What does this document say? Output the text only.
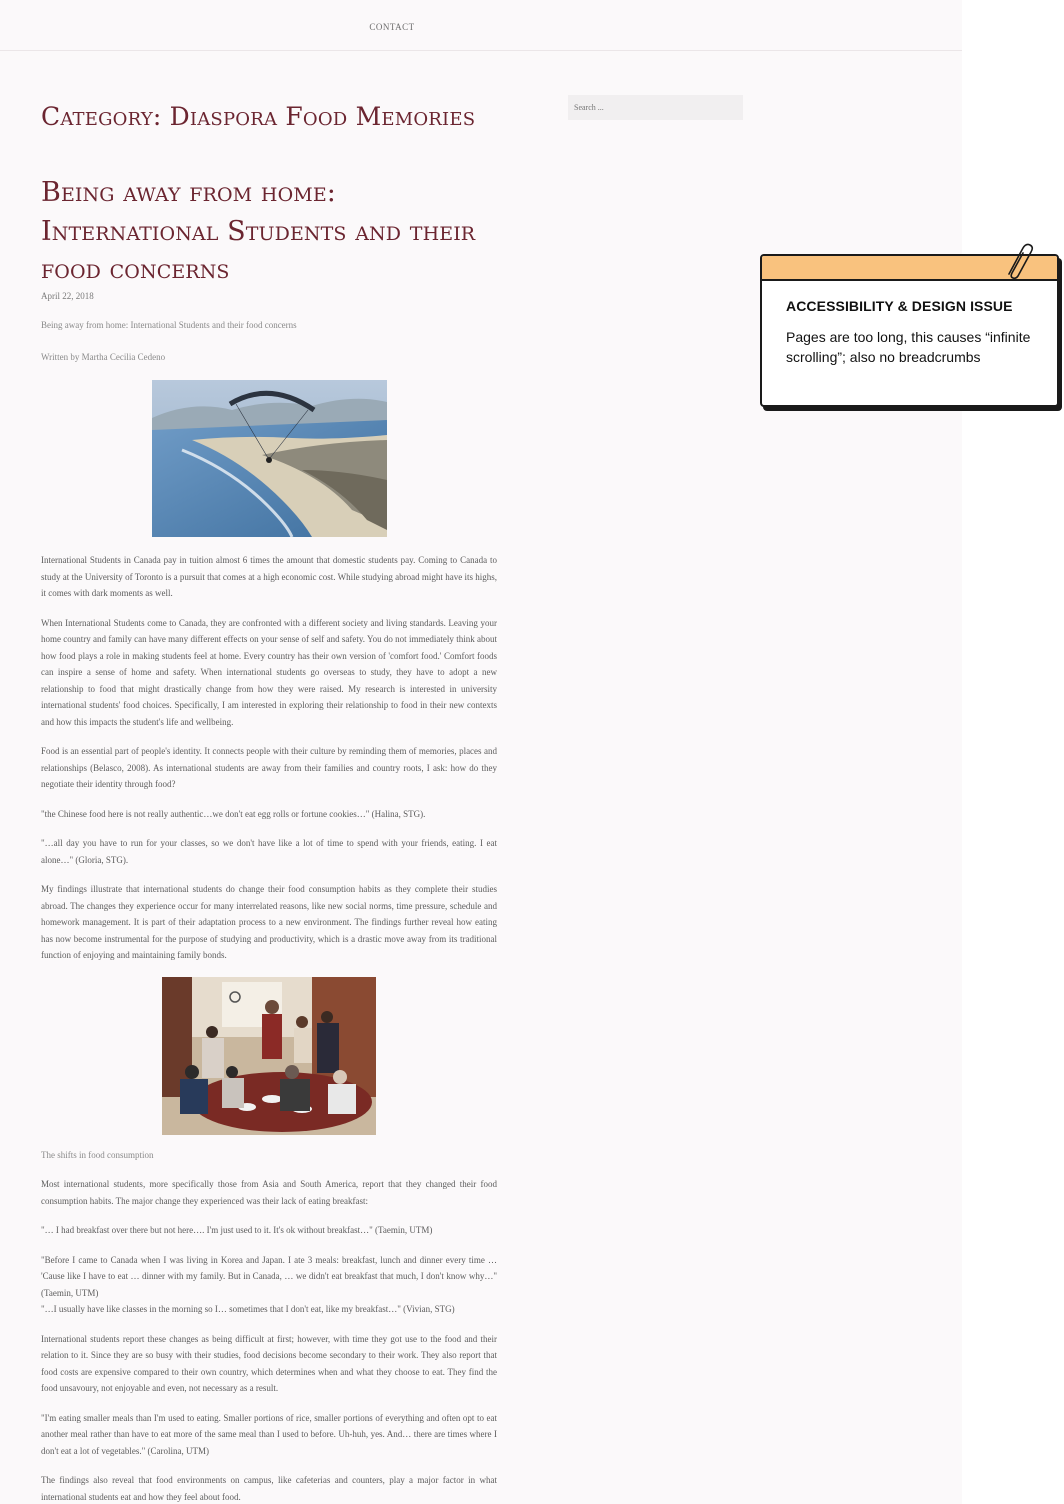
CONTACT
Search ...
Category: Diaspora Food Memories
Being away from home: International Students and their food concerns
April 22, 2018
Being away from home: International Students and their food concerns
Written by Martha Cecilia Cedeno

International Students in Canada pay in tuition almost 6 times the amount that domestic students pay. Coming to Canada to study at the University of Toronto is a pursuit that comes at a high economic cost. While studying abroad might have its highs, it comes with dark moments as well.

When International Students come to Canada, they are confronted with a different society and living standards. Leaving your home country and family can have many different effects on your sense of self and safety. You do not immediately think about how food plays a role in making students feel at home. Every country has their own version of 'comfort food.' Comfort foods can inspire a sense of home and safety. When international students go overseas to study, they have to adopt a new relationship to food that might drastically change from how they were raised. My research is interested in university international students' food choices. Specifically, I am interested in exploring their relationship to food in their new contexts and how this impacts the student's life and wellbeing.

Food is an essential part of people's identity. It connects people with their culture by reminding them of memories, places and relationships (Belasco, 2008). As international students are away from their families and country roots, I ask: how do they negotiate their identity through food?

"the Chinese food here is not really authentic…we don't eat egg rolls or fortune cookies…" (Halina, STG).

"…all day you have to run for your classes, so we don't have like a lot of time to spend with your friends, eating. I eat alone…" (Gloria, STG).

My findings illustrate that international students do change their food consumption habits as they complete their studies abroad. The changes they experience occur for many interrelated reasons, like new social norms, time pressure, schedule and homework management. It is part of their adaptation process to a new environment. The findings further reveal how eating has now become instrumental for the purpose of studying and productivity, which is a drastic move away from its traditional function of enjoying and maintaining family bonds.

The shifts in food consumption

Most international students, more specifically those from Asia and South America, report that they changed their food consumption habits. The major change they experienced was their lack of eating breakfast:

"… I had breakfast over there but not here…. I'm just used to it. It's ok without breakfast…" (Taemin, UTM)

"Before I came to Canada when I was living in Korea and Japan. I ate 3 meals: breakfast, lunch and dinner every time … 'Cause like I have to eat … dinner with my family. But in Canada, … we didn't eat breakfast that much, I don't know why…" (Taemin, UTM)

"…I usually have like classes in the morning so I… sometimes that I don't eat, like my breakfast…" (Vivian, STG)

International students report these changes as being difficult at first; however, with time they got use to the food and their relation to it. Since they are so busy with their studies, food decisions become secondary to their work. They also report that food costs are expensive compared to their own country, which determines when and what they choose to eat. They find the food unsavoury, not enjoyable and even, not necessary as a result.

"I'm eating smaller meals than I'm used to eating. Smaller portions of rice, smaller portions of everything and often opt to eat another meal rather than have to eat more of the same meal than I used to before. Uh-huh, yes. And… there are times where I don't eat a lot of vegetables." (Carolina, UTM)

The findings also reveal that food environments on campus, like cafeterias and counters, play a major factor in what international students eat and how they feel about food.

ACCESSIBILITY & DESIGN ISSUE
Pages are too long, this causes “infinite scrolling”; also no breadcrumbs
